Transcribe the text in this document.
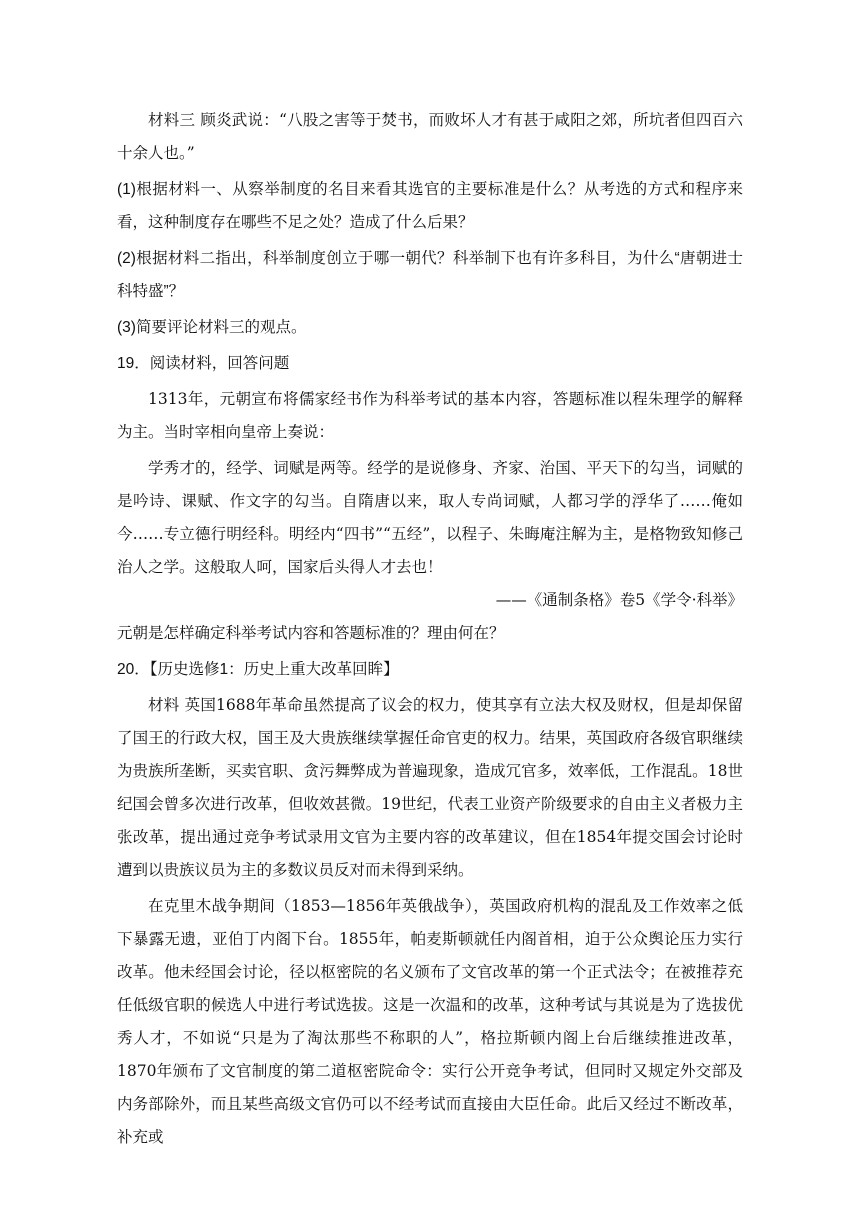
材料三 顾炎武说：“八股之害等于焚书，而败坏人才有甚于咸阳之郊，所坑者但四百六十余人也。”

(1)根据材料一、从察举制度的名目来看其选官的主要标准是什么？从考选的方式和程序来看，这种制度存在哪些不足之处？造成了什么后果？

(2)根据材料二指出，科举制度创立于哪一朝代？科举制下也有许多科目，为什么“唐朝进士科特盛”？

(3)简要评论材料三的观点。

19．阅读材料，回答问题

1313年，元朝宣布将儒家经书作为科举考试的基本内容，答题标准以程朱理学的解释为主。当时宰相向皇帝上奏说：

学秀才的，经学、词赋是两等。经学的是说修身、齐家、治国、平天下的勾当，词赋的是吟诗、课赋、作文字的勾当。自隋唐以来，取人专尚词赋，人都习学的浮华了……俺如今……专立德行明经科。明经内“四书”“五经”，以程子、朱晦庵注解为主，是格物致知修己治人之学。这般取人呵，国家后头得人才去也！

——《通制条格》卷5《学令·科举》

元朝是怎样确定科举考试内容和答题标准的？理由何在？

20．【历史选修1：历史上重大改革回眸】

材料 英国1688年革命虽然提高了议会的权力，使其享有立法大权及财权，但是却保留了国王的行政大权，国王及大贵族继续掌握任命官吏的权力。结果，英国政府各级官职继续为贵族所垄断，买卖官职、贪污舞弊成为普遍现象，造成冗官多，效率低，工作混乱。18世纪国会曾多次进行改革，但收效甚微。19世纪，代表工业资产阶级要求的自由主义者极力主张改革，提出通过竞争考试录用文官为主要内容的改革建议，但在1854年提交国会讨论时遭到以贵族议员为主的多数议员反对而未得到采纳。

在克里木战争期间（1853—1856年英俄战争），英国政府机构的混乱及工作效率之低下暴露无遗，亚伯丁内阁下台。1855年，帕麦斯顿就任内阁首相，迫于公众舆论压力实行改革。他未经国会讨论，径以枢密院的名义颁布了文官改革的第一个正式法令；在被推荐充任低级官职的候选人中进行考试选拔。这是一次温和的改革，这种考试与其说是为了选拔优秀人才，不如说“只是为了淘汰那些不称职的人”，格拉斯顿内阁上台后继续推进改革，1870年颁布了文官制度的第二道枢密院命令：实行公开竞争考试，但同时又规定外交部及内务部除外，而且某些高级文官仍可以不经考试而直接由大臣任命。此后又经过不断改革，补充或
